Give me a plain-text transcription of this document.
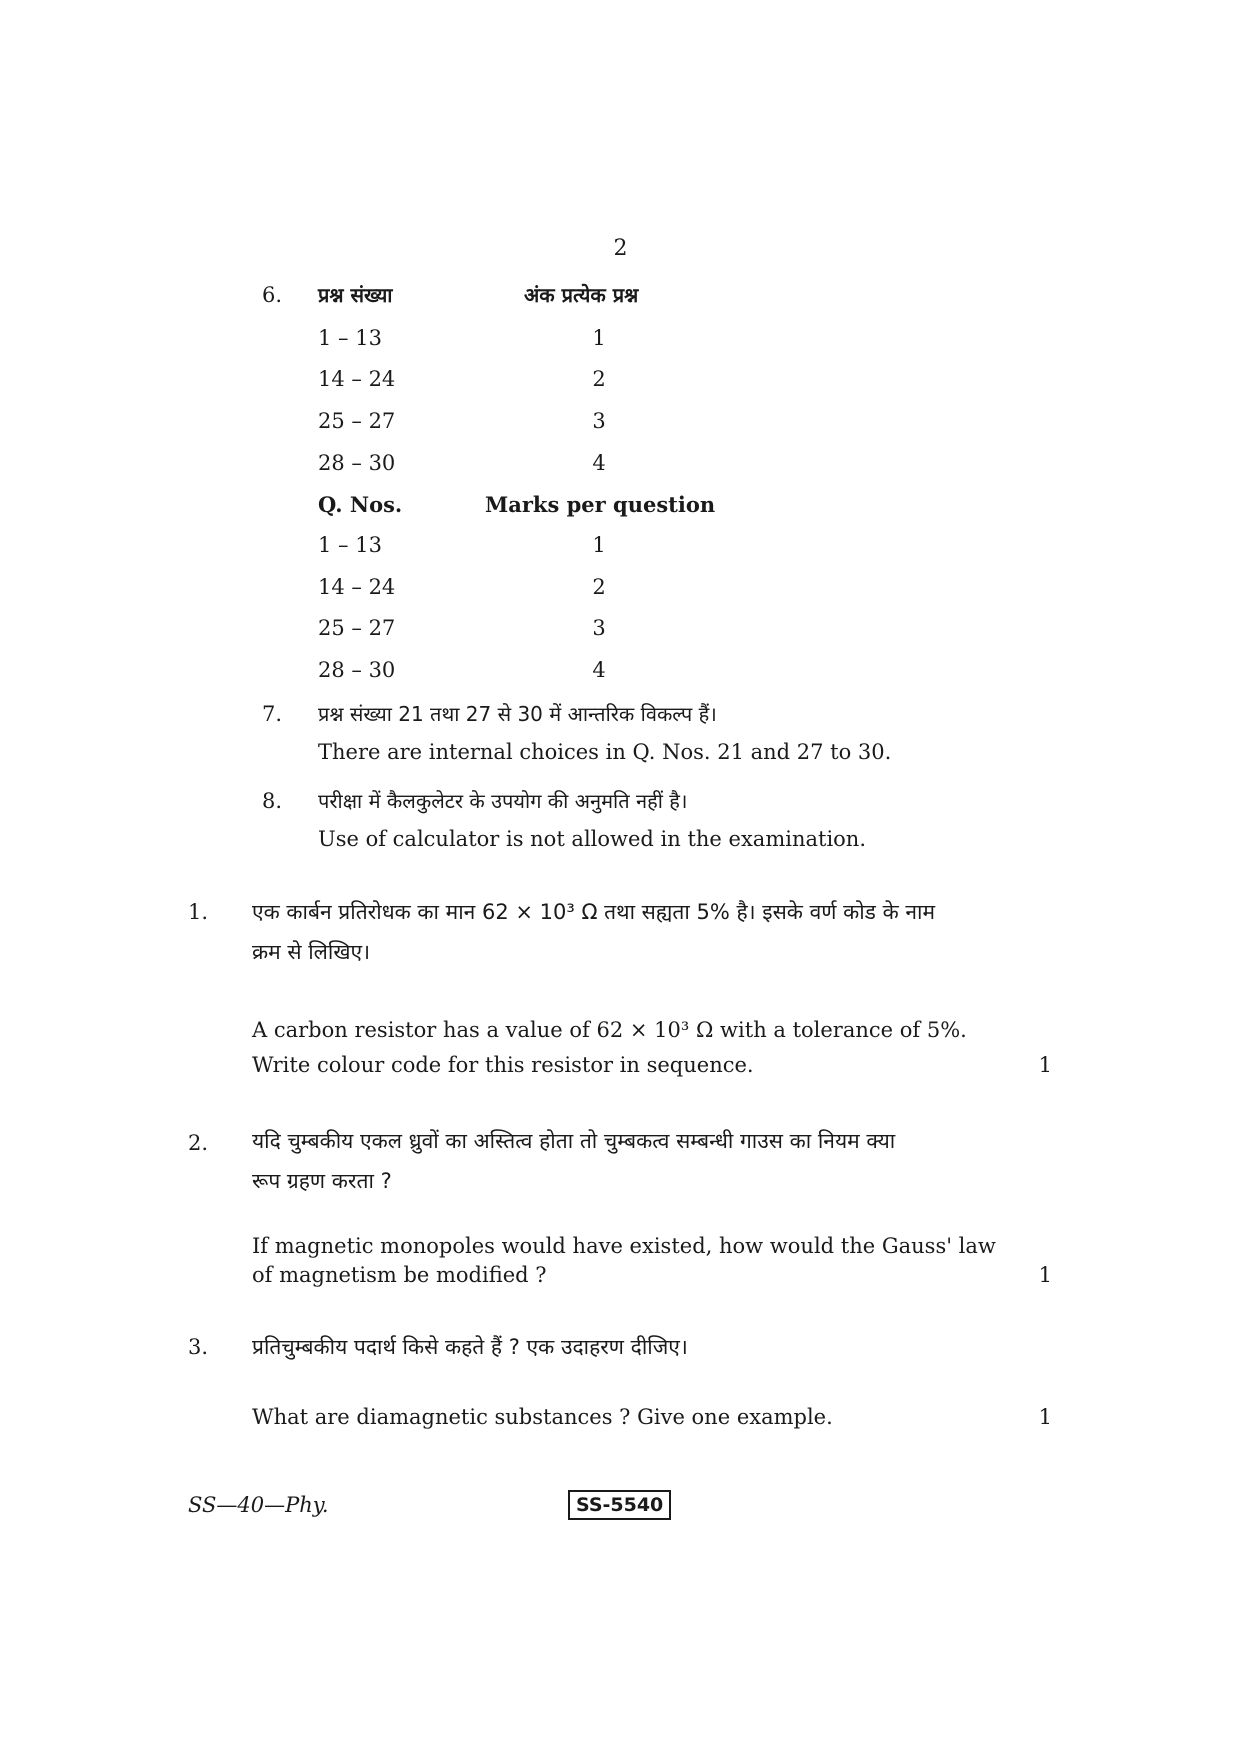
2
6. प्रश्न संख्या	अंक प्रत्येक प्रश्न
1 – 13	1
14 – 24	2
25 – 27	3
28 – 30	4
Q. Nos.	Marks per question
1 – 13	1
14 – 24	2
25 – 27	3
28 – 30	4
7. प्रश्न संख्या 21 तथा 27 से 30 में आन्तरिक विकल्प हैं।
There are internal choices in Q. Nos. 21 and 27 to 30.
8. परीक्षा में कैलकुलेटर के उपयोग की अनुमति नहीं है।
Use of calculator is not allowed in the examination.
1. एक कार्बन प्रतिरोधक का मान 62 × 10³ Ω तथा सह्यता 5% है। इसके वर्ण कोड के नाम
क्रम से लिखिए।
A carbon resistor has a value of 62 × 10³ Ω with a tolerance of 5%.
Write colour code for this resistor in sequence.	1
2. यदि चुम्बकीय एकल ध्रुवों का अस्तित्व होता तो चुम्बकत्व सम्बन्धी गाउस का नियम क्या
रूप ग्रहण करता ?
If magnetic monopoles would have existed, how would the Gauss' law
of magnetism be modified ?	1
3. प्रतिचुम्बकीय पदार्थ किसे कहते हैं ? एक उदाहरण दीजिए।
What are diamagnetic substances ? Give one example.	1
SS—40—Phy.	SS-5540
